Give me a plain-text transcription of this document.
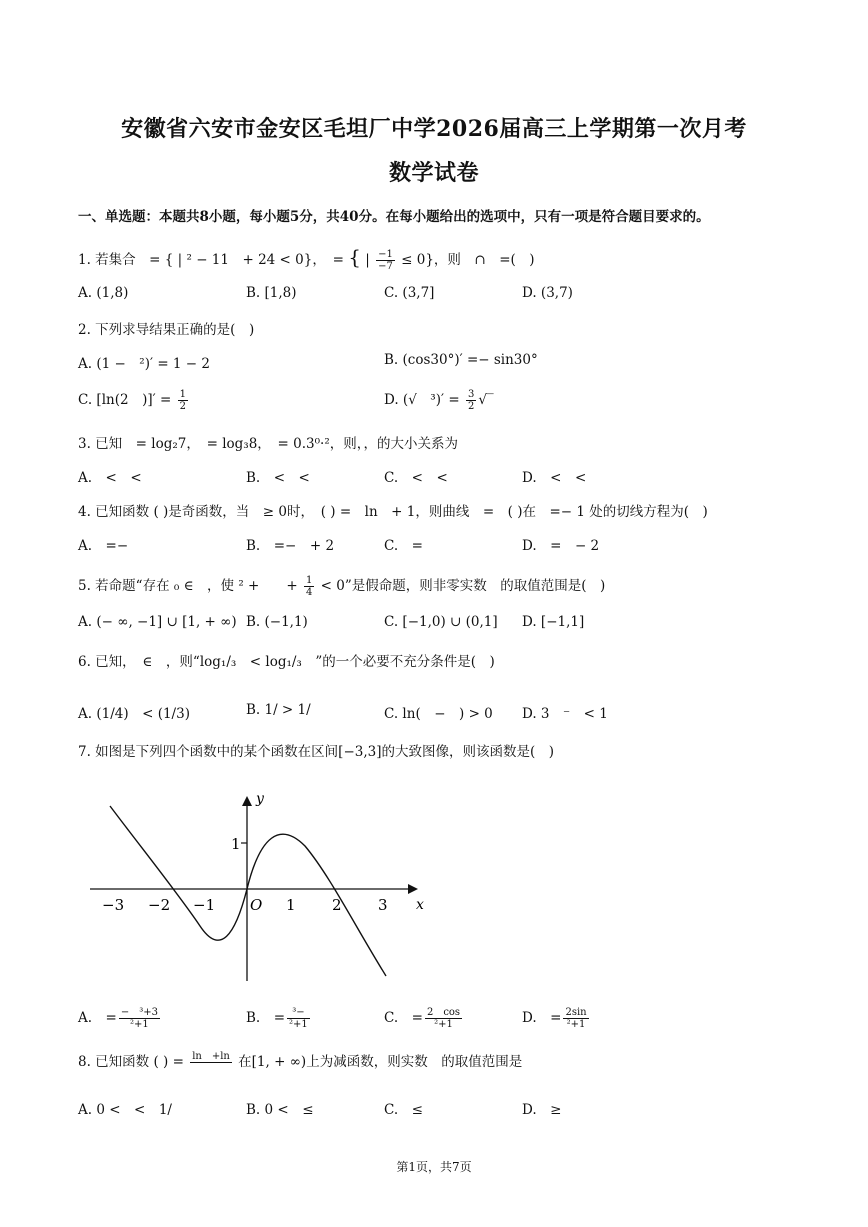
安徽省六安市金安区毛坦厂中学2026届高三上学期第一次月考
数学试卷
一、单选题：本题共8小题，每小题5分，共40分。在每小题给出的选项中，只有一项是符合题目要求的。
1. 若集合　= { | ² − 11　+ 24 < 0}，　= { | $\frac{-1}{-7} \le 0$}，则　∩　=(　)
A. (1,8)	B. [1,8)	C. (3,7]	D. (3,7)
2. 下列求导结果正确的是(　)
A. (1 −　²)′ = 1 − 2	B. (cos30°)′ =− sin30°
C. [ln(2　)]′ = $\frac{1}{2}$	D. (√　$^3)' = \frac{3}{2}$ √‾
3. 已知　= log₂7，　= log₃8，　= 0.3⁰·²，则，，的大小关系为
A.　<　<	B.　<　<	C.　<　<	D.　<　<
4. 已知函数 ( )是奇函数，当　≥ 0时，　( ) =　ln　+ 1，则曲线　=　( )在　=− 1 处的切线方程为(　)
A.　=−	B.　=−　+ 2	C.　=	D.　=　− 2
5. 若命题“存在 ₀ ∈　，使 ² +　　+ $\frac{1}{4} < 0$”是假命题，则非零实数　的取值范围是(　)
A. (− ∞, −1] ∪ [1, + ∞) B. (−1,1)	C. [−1,0) ∪ (0,1] D. [−1,1]
6. 已知，　∈　，则“log₁/₃　< log₁/₃　”的一个必要不充分条件是(　)
A. (1/4)　< (1/3)	B. 1/ > 1/	C. ln(　−　) > 0 D. 3　⁻　< 1
7. 如图是下列四个函数中的某个函数在区间[−3,3]的大致图像，则该函数是(　)
−3 −2 −1	1 2 3
1
O	x
y
A.　= $\frac{\text{−　³+3}}{\text{²+1}}$	B.　= $\frac{\text{³−}}{\text{²+1}}$	C.　= $\frac{2 \cos}{\text{²+1}}$	D.　= $\frac{2\sin}{\text{²+1}}$
8. 已知函数 ( ) = ln　+ln
在[1, + ∞)上为减函数，则实数　的取值范围是
A. 0 <　<　1/	B. 0 <　≤	C.　≤	D.　≥
第1页，共7页
